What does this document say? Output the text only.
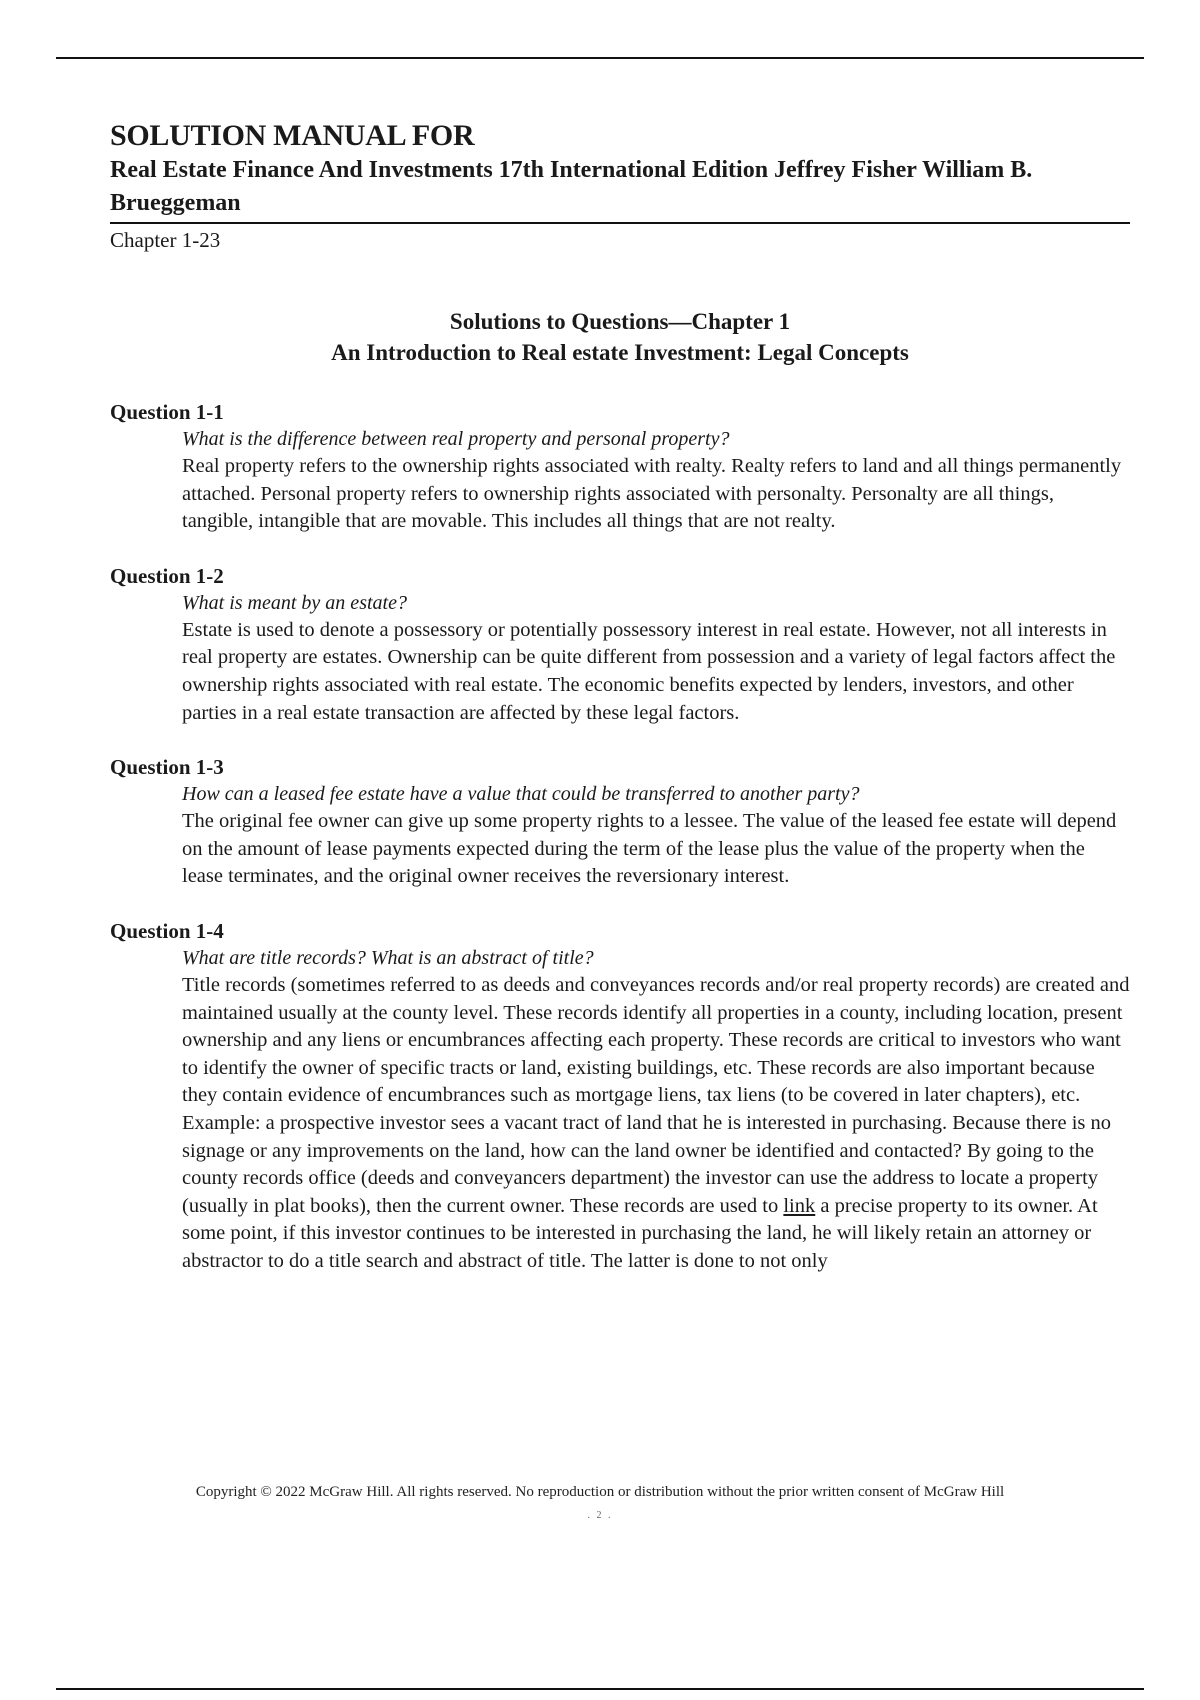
SOLUTION MANUAL FOR
Real Estate Finance And Investments 17th International Edition Jeffrey Fisher William B. Brueggeman
Chapter 1-23
Solutions to Questions—Chapter 1
An Introduction to Real estate Investment: Legal Concepts
Question 1-1
What is the difference between real property and personal property?
Real property refers to the ownership rights associated with realty. Realty refers to land and all things permanently attached. Personal property refers to ownership rights associated with personalty. Personalty are all things, tangible, intangible that are movable. This includes all things that are not realty.
Question 1-2
What is meant by an estate?
Estate is used to denote a possessory or potentially possessory interest in real estate. However, not all interests in real property are estates. Ownership can be quite different from possession and a variety of legal factors affect the ownership rights associated with real estate. The economic benefits expected by lenders, investors, and other parties in a real estate transaction are affected by these legal factors.
Question 1-3
How can a leased fee estate have a value that could be transferred to another party?
The original fee owner can give up some property rights to a lessee. The value of the leased fee estate will depend on the amount of lease payments expected during the term of the lease plus the value of the property when the lease terminates, and the original owner receives the reversionary interest.
Question 1-4
What are title records? What is an abstract of title?
Title records (sometimes referred to as deeds and conveyances records and/or real property records) are created and maintained usually at the county level. These records identify all properties in a county, including location, present ownership and any liens or encumbrances affecting each property. These records are critical to investors who want to identify the owner of specific tracts or land, existing buildings, etc. These records are also important because they contain evidence of encumbrances such as mortgage liens, tax liens (to be covered in later chapters), etc. Example: a prospective investor sees a vacant tract of land that he is interested in purchasing. Because there is no signage or any improvements on the land, how can the land owner be identified and contacted? By going to the county records office (deeds and conveyancers department) the investor can use the address to locate a property (usually in plat books), then the current owner. These records are used to link a precise property to its owner. At some point, if this investor continues to be interested in purchasing the land, he will likely retain an attorney or abstractor to do a title search and abstract of title. The latter is done to not only
Copyright © 2022 McGraw Hill. All rights reserved. No reproduction or distribution without the prior written consent of McGraw Hill
. 2 .
